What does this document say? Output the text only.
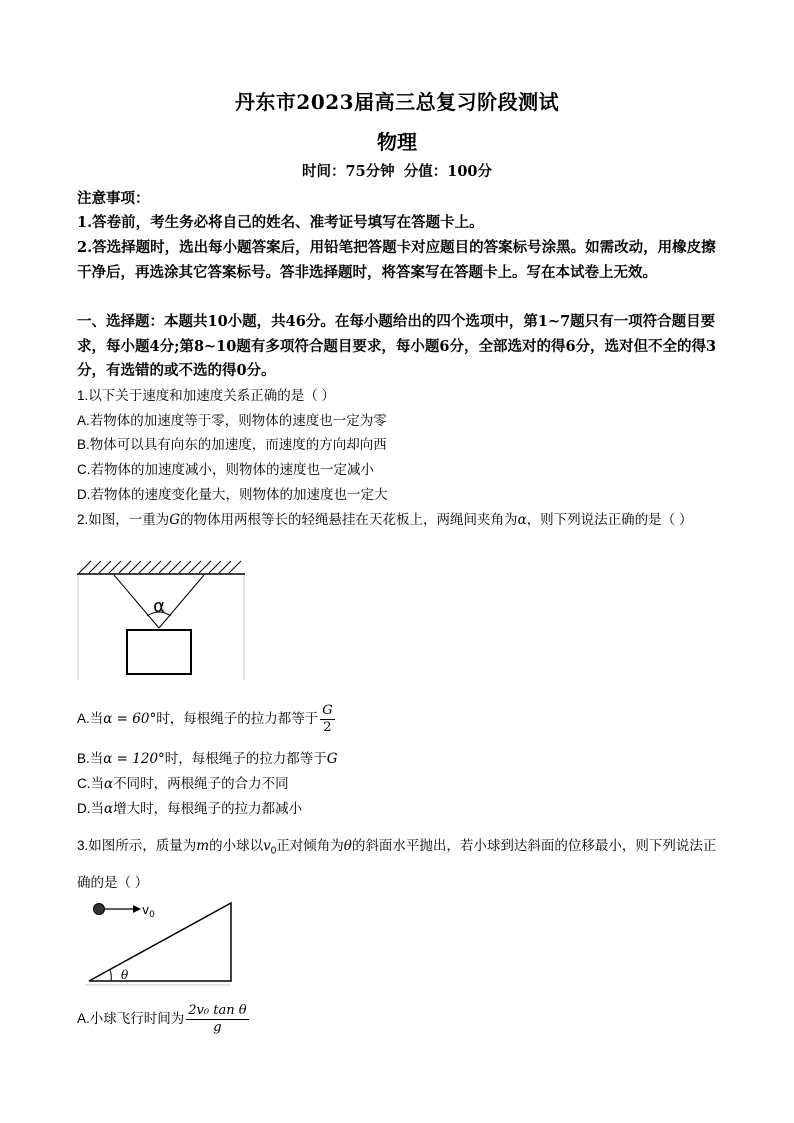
丹东市2023届高三总复习阶段测试
物理
时间：75分钟 分值：100分
注意事项：
1.答卷前，考生务必将自己的姓名、准考证号填写在答题卡上。
2.答选择题时，选出每小题答案后，用铅笔把答题卡对应题目的答案标号涂黑。如需改动，用橡皮擦干净后，再选涂其它答案标号。答非选择题时，将答案写在答题卡上。写在本试卷上无效。
一、选择题：本题共10小题，共46分。在每小题给出的四个选项中，第1~7题只有一项符合题目要求，每小题4分;第8~10题有多项符合题目要求，每小题6分，全部选对的得6分，选对但不全的得3分，有选错的或不选的得0分。
1.以下关于速度和加速度关系正确的是（ ）
A.若物体的加速度等于零，则物体的速度也一定为零
B.物体可以具有向东的加速度，而速度的方向却向西
C.若物体的加速度减小，则物体的速度也一定减小
D.若物体的速度变化量大，则物体的加速度也一定大
2.如图，一重为G的物体用两根等长的轻绳悬挂在天花板上，两绳间夹角为α，则下列说法正确的是（ ）
α
A.当α = 60°时，每根绳子的拉力都等于 $\frac{G}{2}$
B.当α = 120°时，每根绳子的拉力都等于G
C.当α不同时，两根绳子的合力不同
D.当α增大时，每根绳子的拉力都减小
3.如图所示，质量为m的小球以$v_0$正对倾角为θ的斜面水平抛出，若小球到达斜面的位移最小，则下列说法正确的是（ ）
$v_0$
θ
A.小球飞行时间为 $\frac{\text{2v₀ tan θ}}{g}$
